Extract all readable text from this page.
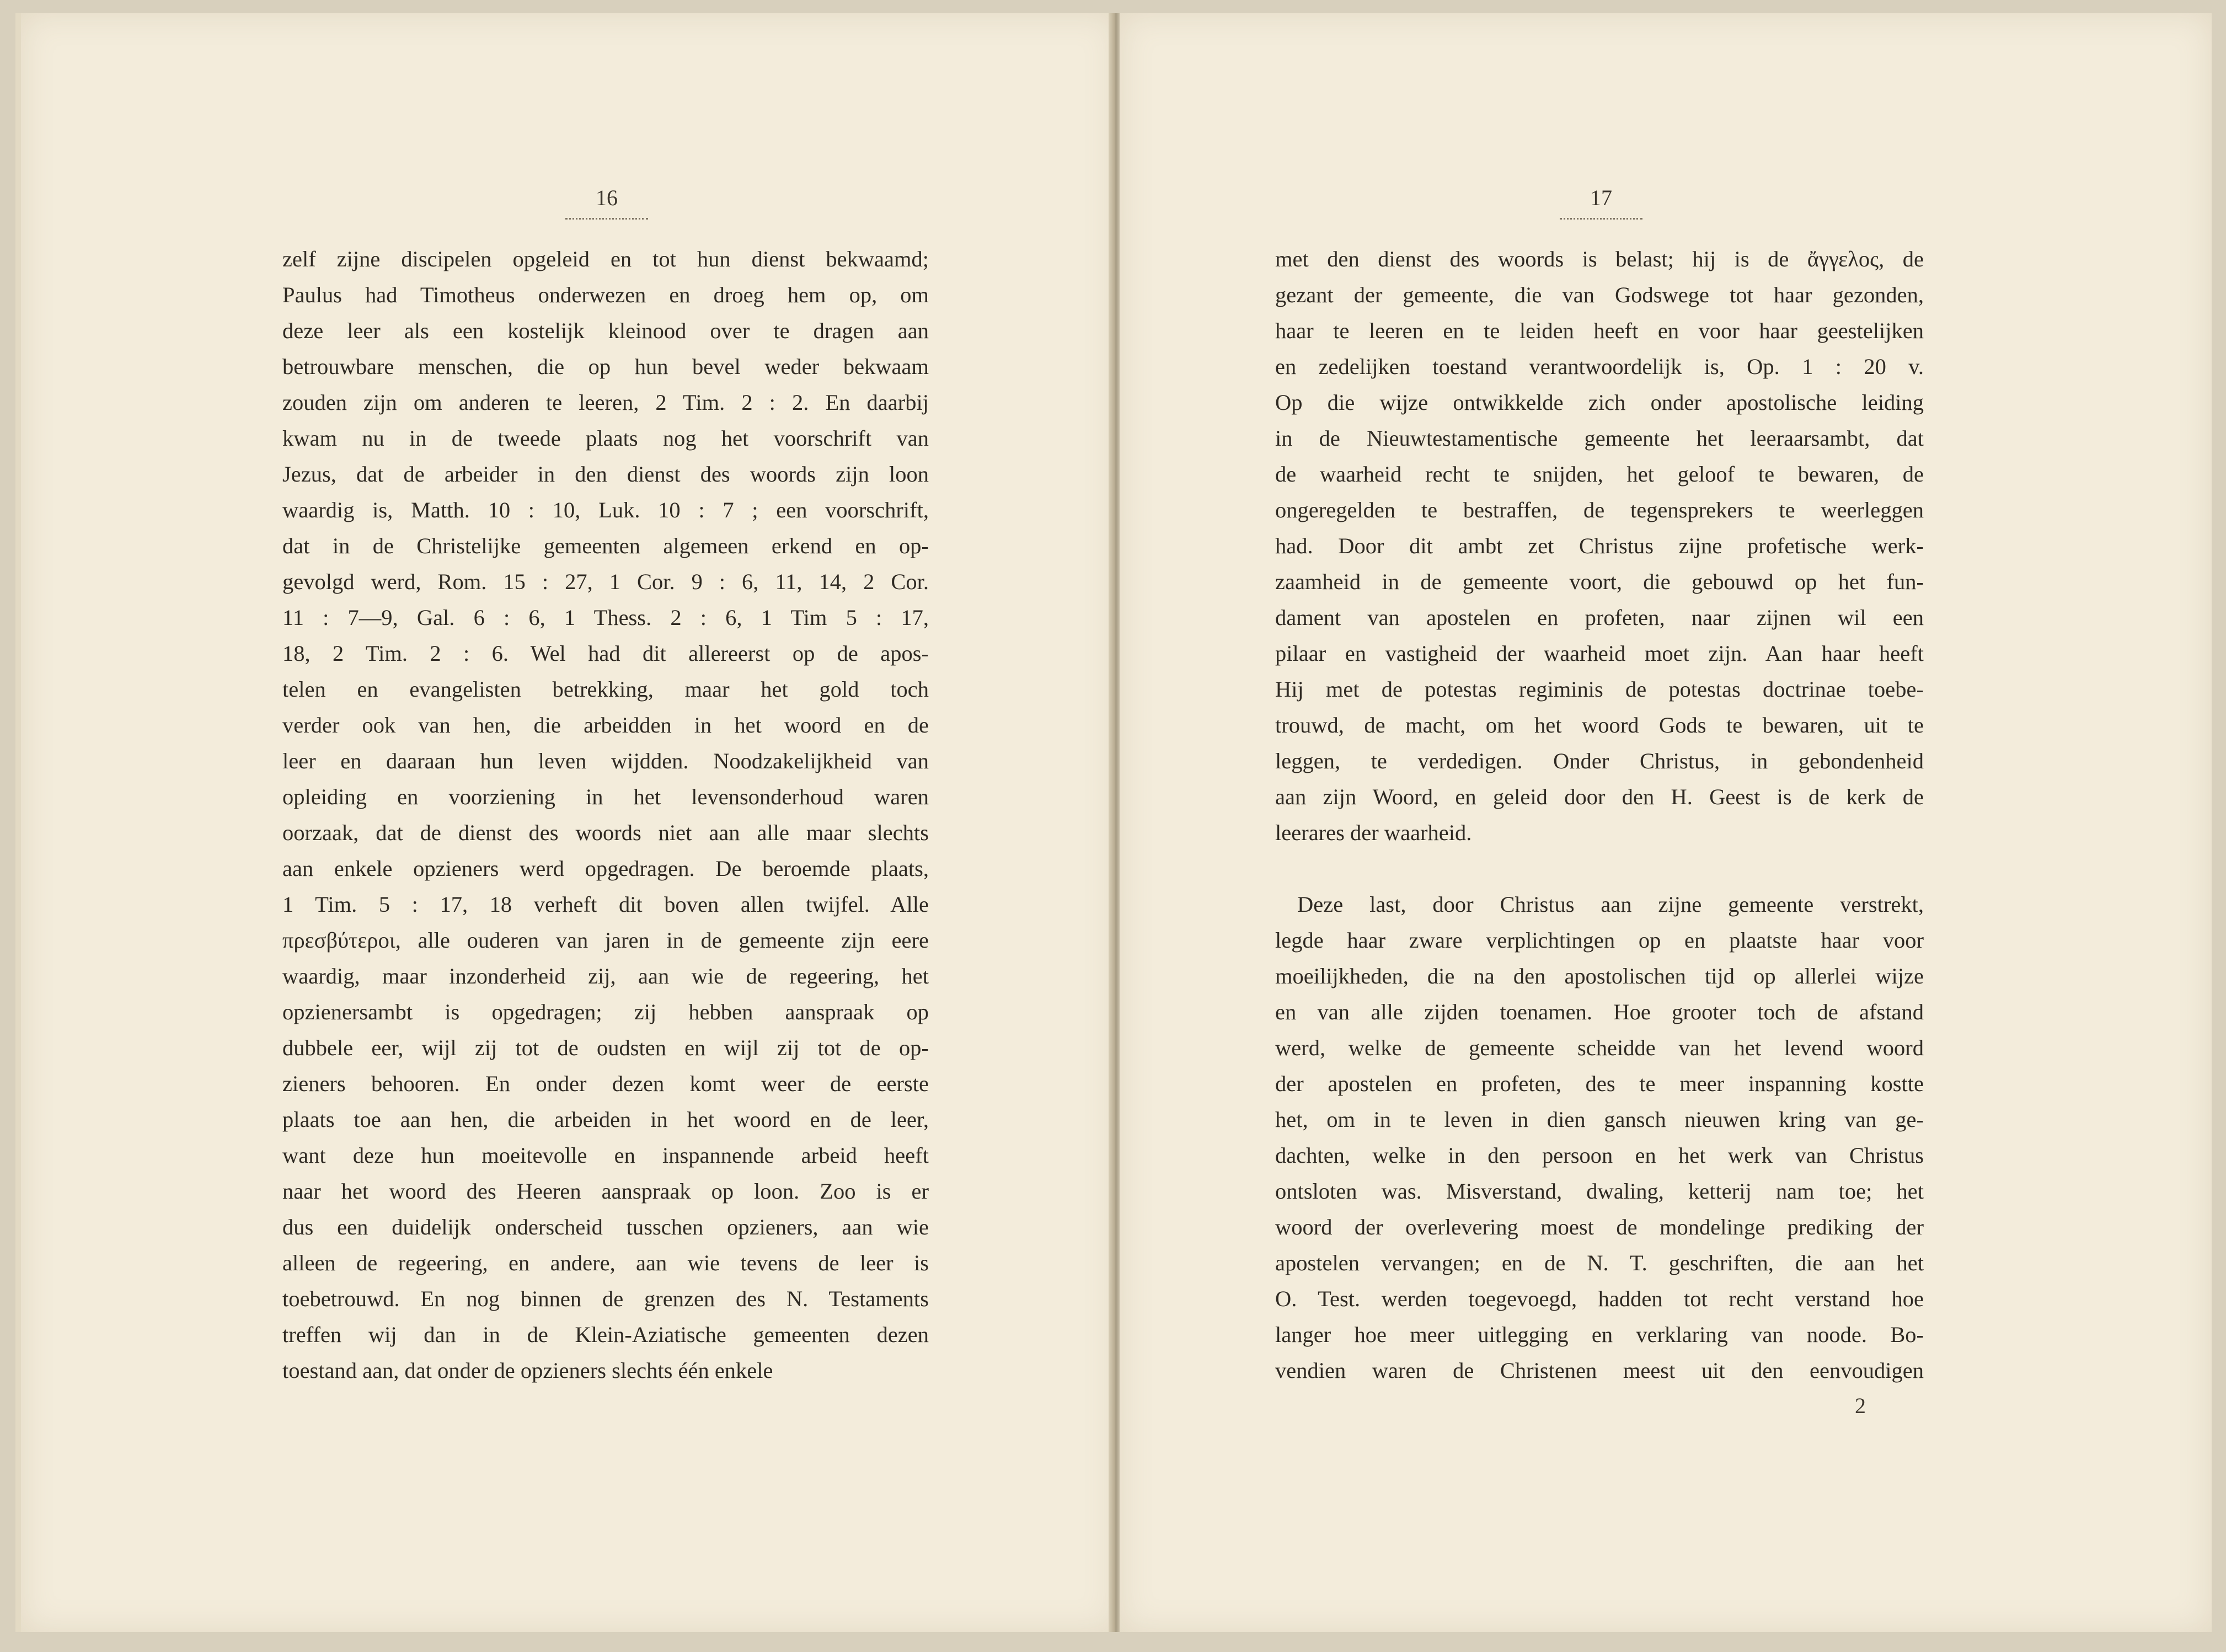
16
zelf zijne discipelen opgeleid en tot hun dienst bekwaamd;
Paulus had Timotheus onderwezen en droeg hem op, om
deze leer als een kostelijk kleinood over te dragen aan
betrouwbare menschen, die op hun bevel weder bekwaam
zouden zijn om anderen te leeren, 2 Tim. 2 : 2. En daarbij
kwam nu in de tweede plaats nog het voorschrift van
Jezus, dat de arbeider in den dienst des woords zijn loon
waardig is, Matth. 10 : 10, Luk. 10 : 7 ; een voorschrift,
dat in de Christelijke gemeenten algemeen erkend en op-
gevolgd werd, Rom. 15 : 27, 1 Cor. 9 : 6, 11, 14, 2 Cor.
11 : 7—9, Gal. 6 : 6, 1 Thess. 2 : 6, 1 Tim 5 : 17,
18, 2 Tim. 2 : 6. Wel had dit allereerst op de apos-
telen en evangelisten betrekking, maar het gold toch
verder ook van hen, die arbeidden in het woord en de
leer en daaraan hun leven wijdden. Noodzakelijkheid van
opleiding en voorziening in het levensonderhoud waren
oorzaak, dat de dienst des woords niet aan alle maar slechts
aan enkele opzieners werd opgedragen. De beroemde plaats,
1 Tim. 5 : 17, 18 verheft dit boven allen twijfel. Alle
πρεσβύτεροι, alle ouderen van jaren in de gemeente zijn eere
waardig, maar inzonderheid zij, aan wie de regeering, het
opzienersambt is opgedragen; zij hebben aanspraak op
dubbele eer, wijl zij tot de oudsten en wijl zij tot de op-
zieners behooren. En onder dezen komt weer de eerste
plaats toe aan hen, die arbeiden in het woord en de leer,
want deze hun moeitevolle en inspannende arbeid heeft
naar het woord des Heeren aanspraak op loon. Zoo is er
dus een duidelijk onderscheid tusschen opzieners, aan wie
alleen de regeering, en andere, aan wie tevens de leer is
toebetrouwd. En nog binnen de grenzen des N. Testaments
treffen wij dan in de Klein-Aziatische gemeenten dezen
toestand aan, dat onder de opzieners slechts één enkele
17
met den dienst des woords is belast; hij is de ἄγγελος, de
gezant der gemeente, die van Godswege tot haar gezonden,
haar te leeren en te leiden heeft en voor haar geestelijken
en zedelijken toestand verantwoordelijk is, Op. 1 : 20 v.
Op die wijze ontwikkelde zich onder apostolische leiding
in de Nieuwtestamentische gemeente het leeraarsambt, dat
de waarheid recht te snijden, het geloof te bewaren, de
ongeregelden te bestraffen, de tegensprekers te weerleggen
had. Door dit ambt zet Christus zijne profetische werk-
zaamheid in de gemeente voort, die gebouwd op het fun-
dament van apostelen en profeten, naar zijnen wil een
pilaar en vastigheid der waarheid moet zijn. Aan haar heeft
Hij met de potestas regiminis de potestas doctrinae toebe-
trouwd, de macht, om het woord Gods te bewaren, uit te
leggen, te verdedigen. Onder Christus, in gebondenheid
aan zijn Woord, en geleid door den H. Geest is de kerk de
leerares der waarheid.
Deze last, door Christus aan zijne gemeente verstrekt,
legde haar zware verplichtingen op en plaatste haar voor
moeilijkheden, die na den apostolischen tijd op allerlei wijze
en van alle zijden toenamen. Hoe grooter toch de afstand
werd, welke de gemeente scheidde van het levend woord
der apostelen en profeten, des te meer inspanning kostte
het, om in te leven in dien gansch nieuwen kring van ge-
dachten, welke in den persoon en het werk van Christus
ontsloten was. Misverstand, dwaling, ketterij nam toe; het
woord der overlevering moest de mondelinge prediking der
apostelen vervangen; en de N. T. geschriften, die aan het
O. Test. werden toegevoegd, hadden tot recht verstand hoe
langer hoe meer uitlegging en verklaring van noode. Bo-
vendien waren de Christenen meest uit den eenvoudigen
2
